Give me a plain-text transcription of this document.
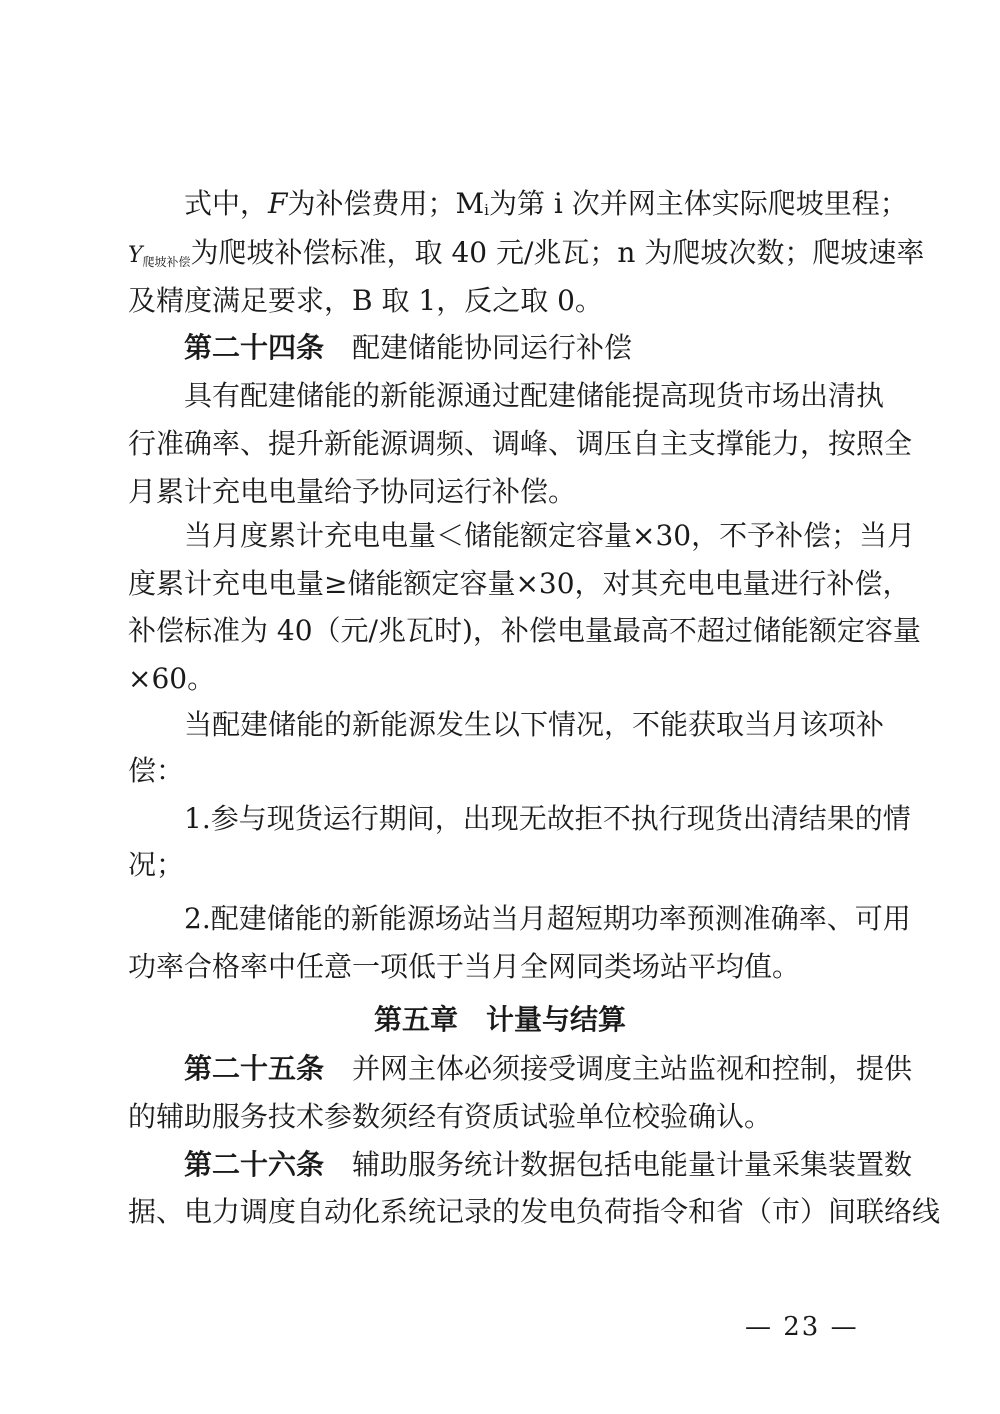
式中，F为补偿费用；$M_i$为第 i 次并网主体实际爬坡里程；
$Y_{爬坡补偿}$为爬坡补偿标准，取 40 元/兆瓦；n 为爬坡次数；爬坡速率
及精度满足要求，B 取 1，反之取 0。
第二十四条 配建储能协同运行补偿
具有配建储能的新能源通过配建储能提高现货市场出清执
行准确率、提升新能源调频、调峰、调压自主支撑能力，按照全
月累计充电电量给予协同运行补偿。
当月度累计充电电量＜储能额定容量×30，不予补偿；当月
度累计充电电量≥储能额定容量×30，对其充电电量进行补偿，
补偿标准为 40（元/兆瓦时)，补偿电量最高不超过储能额定容量
×60。
当配建储能的新能源发生以下情况，不能获取当月该项补
偿：
1.参与现货运行期间，出现无故拒不执行现货出清结果的情
况；
2.配建储能的新能源场站当月超短期功率预测准确率、可用
功率合格率中任意一项低于当月全网同类场站平均值。
第五章 计量与结算
第二十五条 并网主体必须接受调度主站监视和控制，提供
的辅助服务技术参数须经有资质试验单位校验确认。
第二十六条 辅助服务统计数据包括电能量计量采集装置数
据、电力调度自动化系统记录的发电负荷指令和省（市）间联络线
— 23 —
